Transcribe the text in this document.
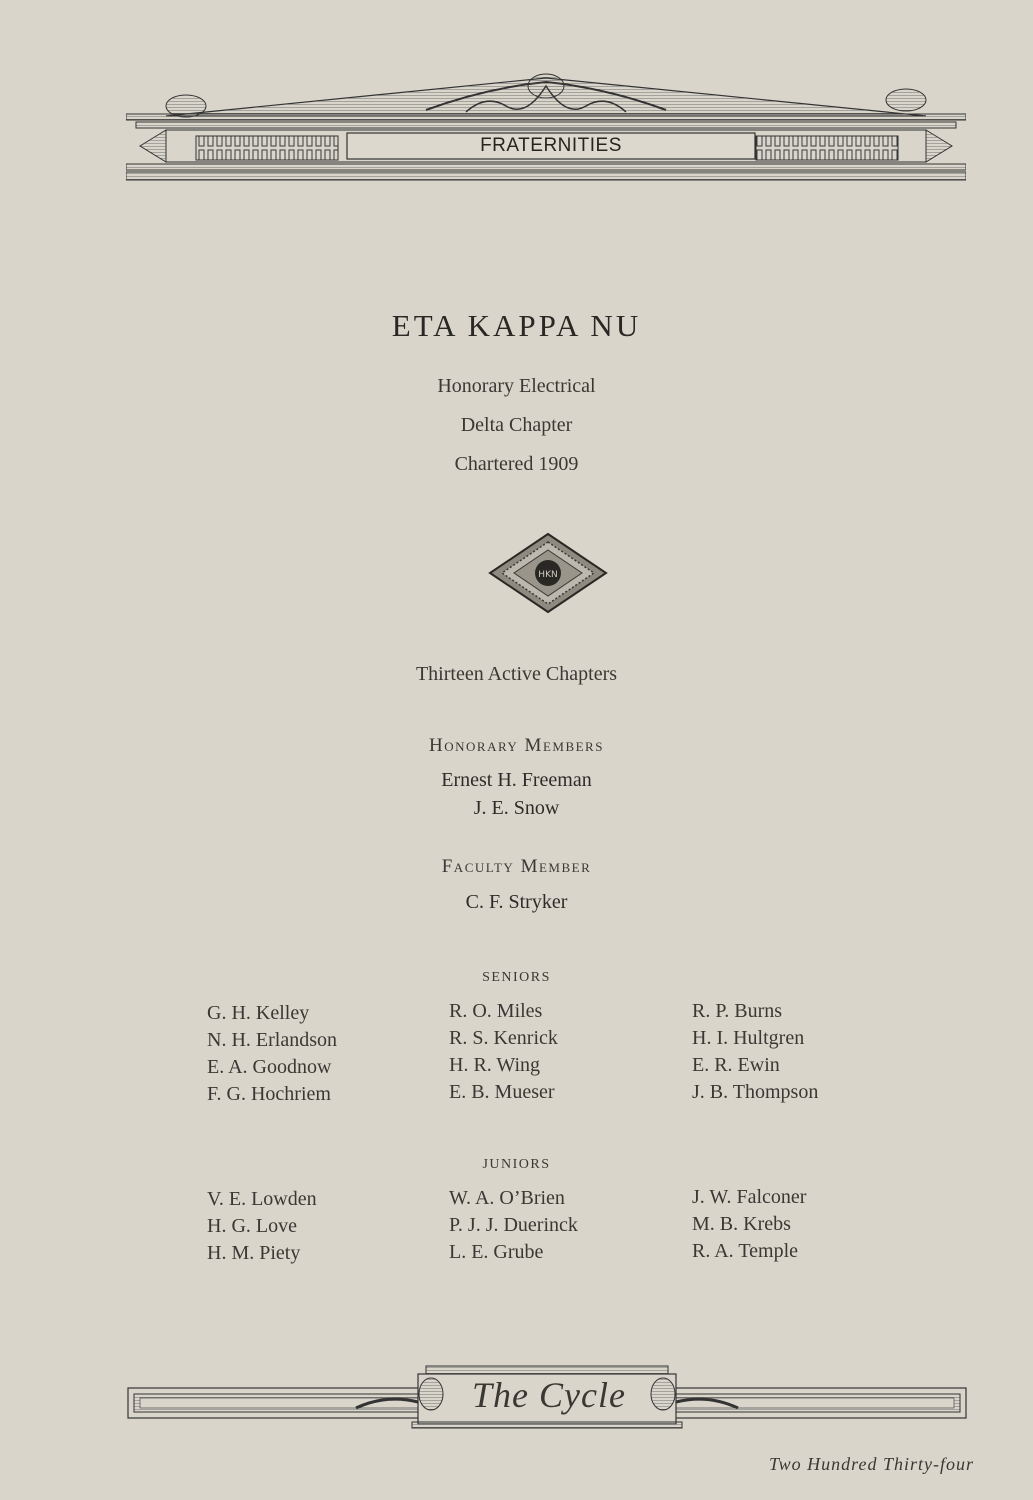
FRATERNITIES
ETA KAPPA NU
Honorary Electrical
Delta Chapter
Chartered 1909
HKN
Thirteen Active Chapters
Honorary Members
Ernest H. Freeman
J. E. Snow
Faculty Member
C. F. Stryker
SENIORS
G. H. Kelley
N. H. Erlandson
E. A. Goodnow
F. G. Hochriem
R. O. Miles
R. S. Kenrick
H. R. Wing
E. B. Mueser
R. P. Burns
H. I. Hultgren
E. R. Ewin
J. B. Thompson
JUNIORS
V. E. Lowden
H. G. Love
H. M. Piety
W. A. O’Brien
P. J. J. Duerinck
L. E. Grube
J. W. Falconer
M. B. Krebs
R. A. Temple
The Cycle
Two Hundred Thirty-four
